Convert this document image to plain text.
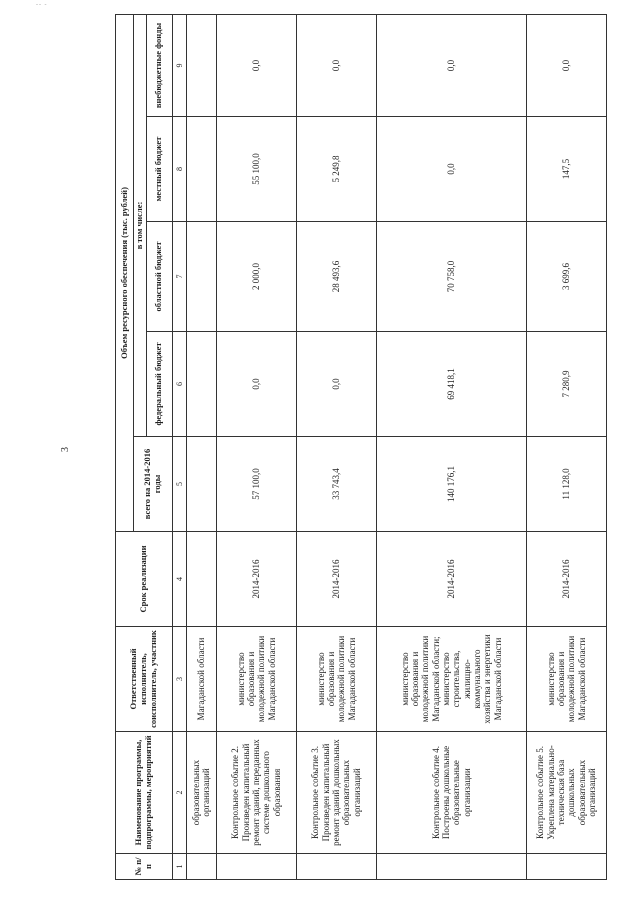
-- -
3
№ п/п	Наименование программы, подпрограммы, мероприятий	Ответственный исполнитель, соисполнитель, участник	Срок реализации	Объем ресурсного обеспечения (тыс. рублей)				
				всего на 2014-2016 годы	в том числе:			
					федеральный бюджет	областной бюджет	местный бюджет	внебюджетные фонды
1	2	3	4	5	6	7	8	9
	образовательных организаций	Магаданской области						
	Контрольное событие 2. Произведен капитальный ремонт зданий, переданных системе дошкольного образования	министерство образования и молодежной политики Магаданской области	2014-2016	57 100,0	0,0	2 000,0	55 100,0	0,0
	Контрольное событие 3. Произведен капитальный ремонт зданий дошкольных образовательных организаций	министерство образования и молодежной политики Магаданской области	2014-2016	33 743,4	0,0	28 493,6	5 249,8	0,0
	Контрольное событие 4. Построены дошкольные образовательные организации	министерство образования и молодежной политики Магаданской области; министерство строительства, жилищно-коммунального хозяйства и энергетики Магаданской области	2014-2016	140 176,1	69 418,1	70 758,0	0,0	0,0
	Контрольное событие 5. Укреплена материально-техническая база дошкольных образовательных организаций	министерство образования и молодежной политики Магаданской области	2014-2016	11 128,0	7 280,9	3 699,6	147,5	0,0
